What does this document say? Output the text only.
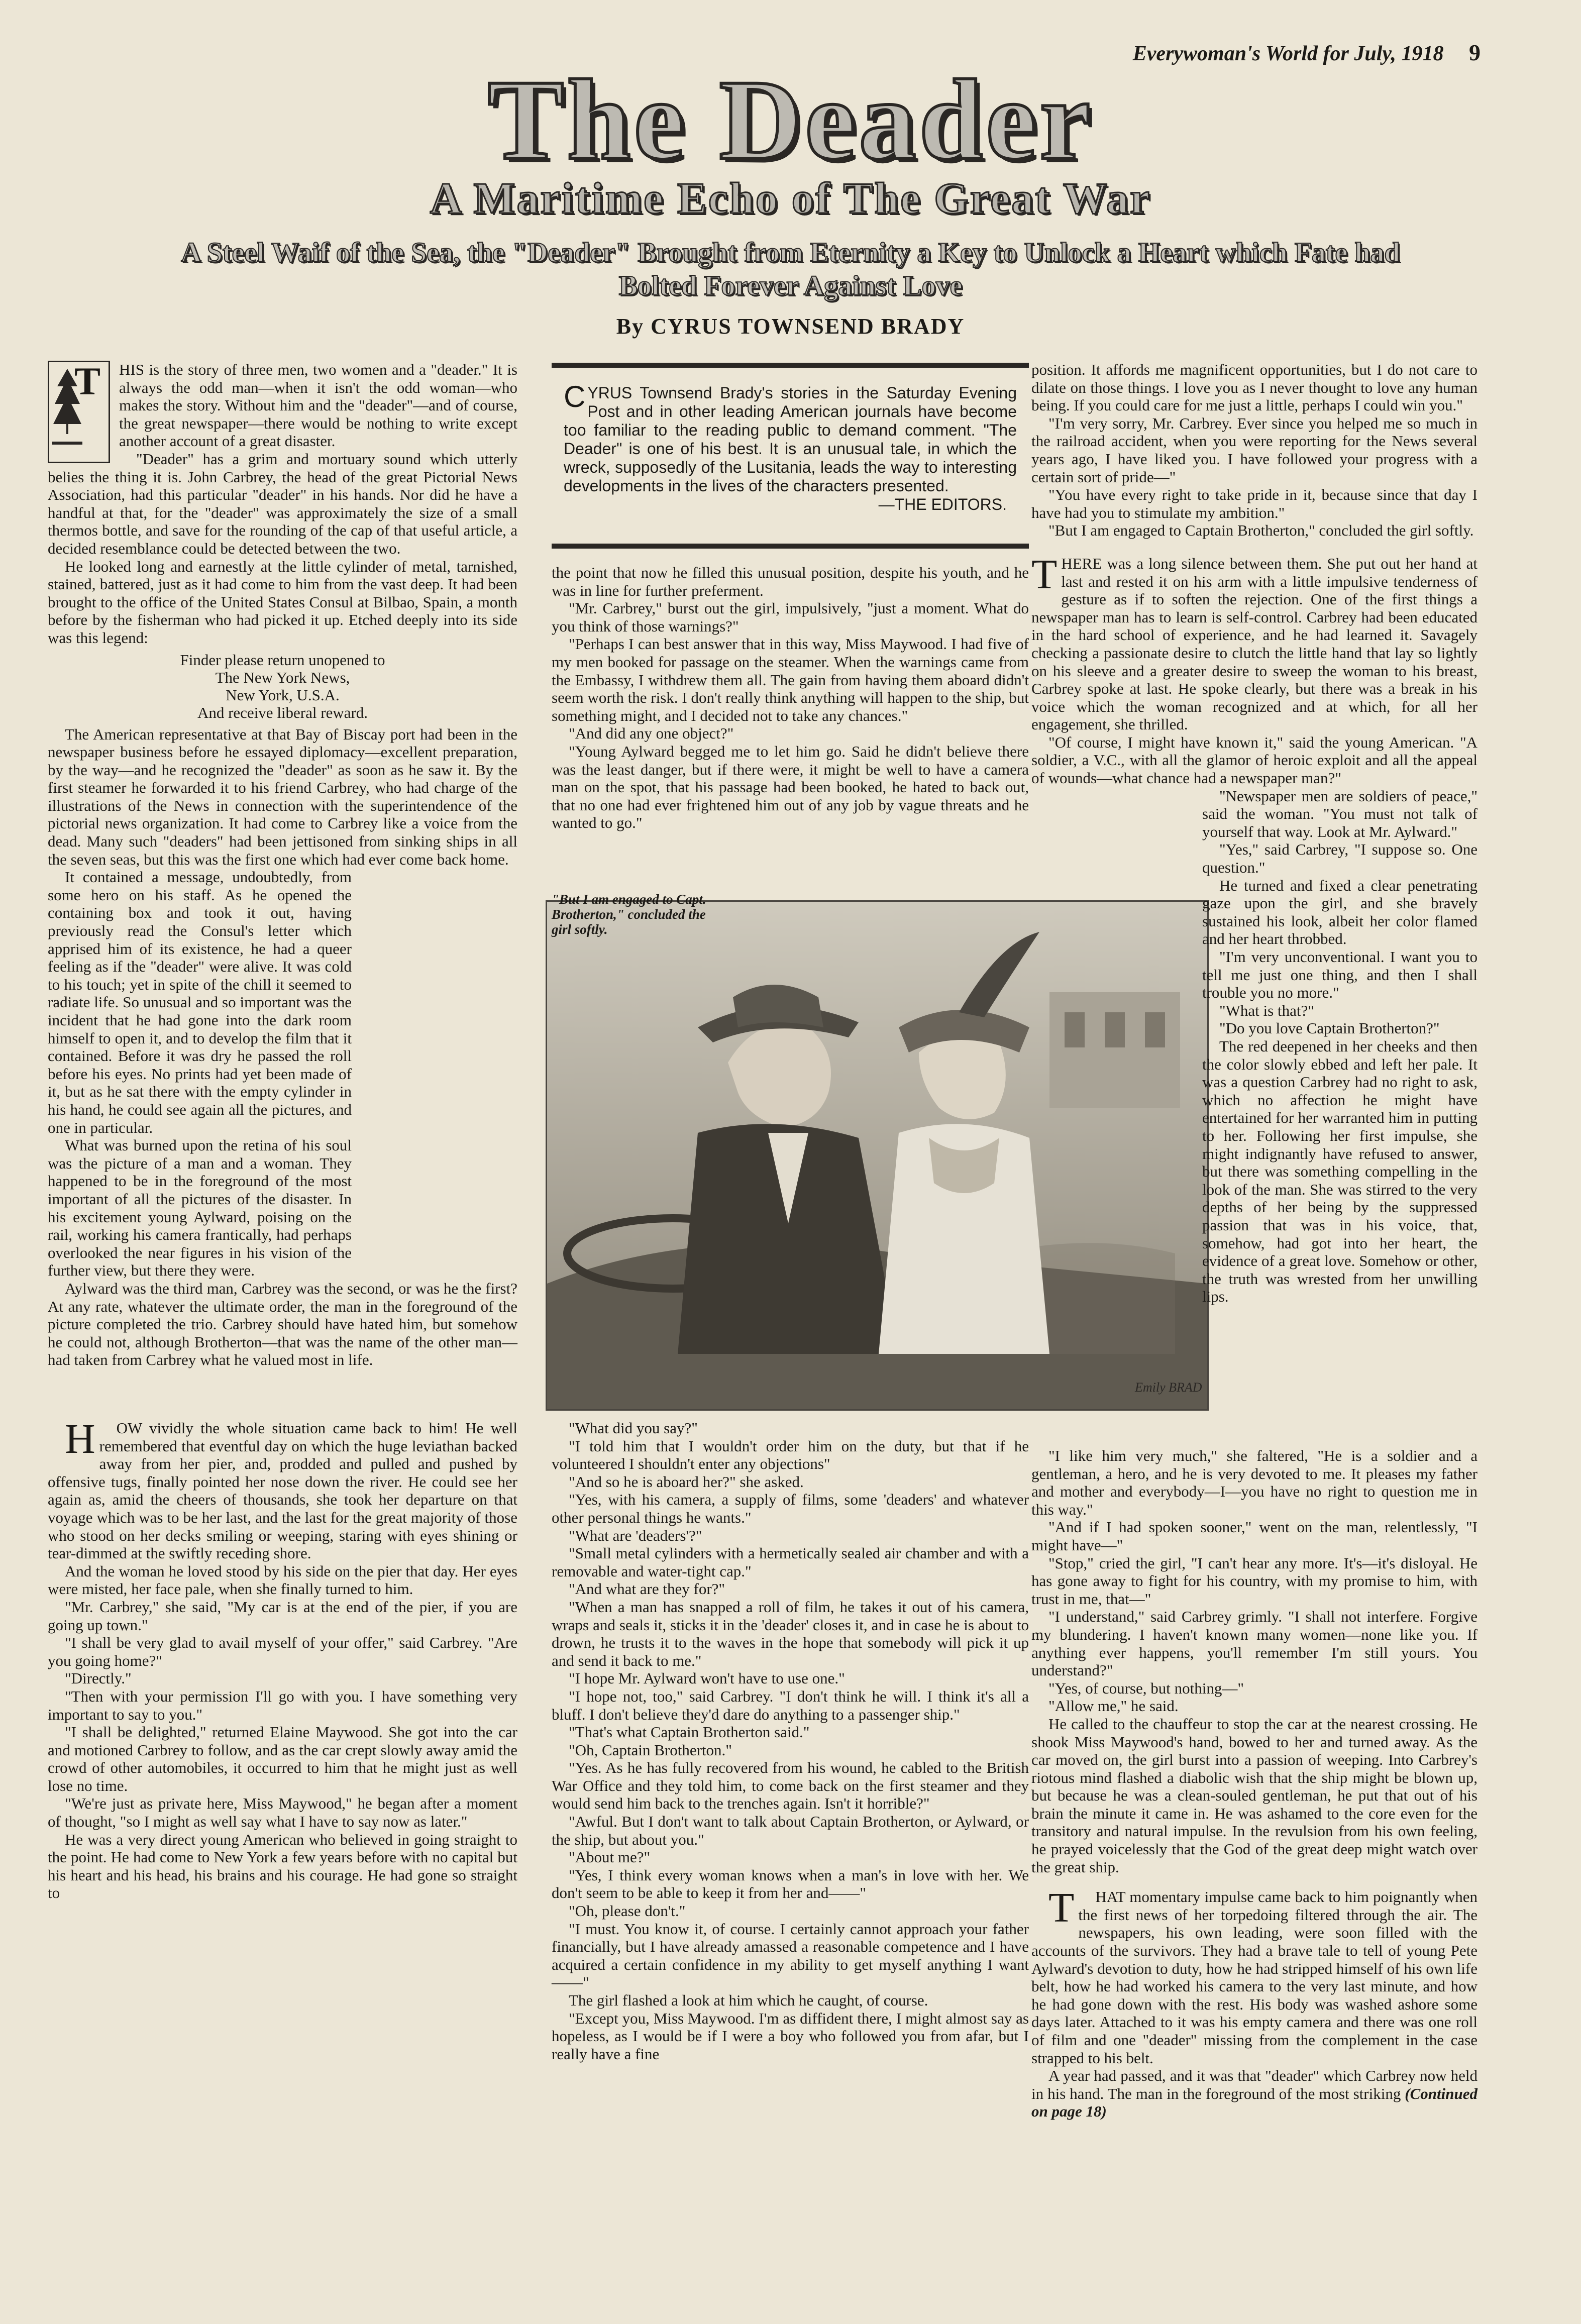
Everywoman's World for July, 1918 9
The Deader
A Maritime Echo of The Great War
A Steel Waif of the Sea, the "Deader" Brought from Eternity a Key to Unlock a Heart which Fate had Bolted Forever Against Love
By CYRUS TOWNSEND BRADY
T	HIS is the story of three men, two women and a "deader." It is always the odd man—when it isn't the odd woman—who makes the story. Without him and the "deader"—and of course, the great newspaper—there would be nothing to write except another account of a great disaster.

"Deader" has a grim and mortuary sound which utterly belies the thing it is. John Carbrey, the head of the great Pictorial News Association, had this particular "deader" in his hands. Nor did he have a handful at that, for the "deader" was approximately the size of a small thermos bottle, and save for the rounding of the cap of that useful article, a decided resemblance could be detected between the two.

He looked long and earnestly at the little cylinder of metal, tarnished, stained, battered, just as it had come to him from the vast deep. It had been brought to the office of the United States Consul at Bilbao, Spain, a month before by the fisherman who had picked it up. Etched deeply into its side was this legend:

Finder please return unopened to
The New York News,
New York, U.S.A.
And receive liberal reward.

The American representative at that Bay of Biscay port had been in the newspaper business before he essayed diplomacy—excellent preparation, by the way—and he recognized the "deader" as soon as he saw it. By the first steamer he forwarded it to his friend Carbrey, who had charge of the illustrations of the News in connection with the superintendence of the pictorial news organization. It had come to Carbrey like a voice from the dead. Many such "deaders" had been jettisoned from sinking ships in all the seven seas, but this was the first one which had ever come back home.

It contained a message, undoubtedly, from some hero on his staff. As he opened the containing box and took it out, having previously read the Consul's letter which apprised him of its existence, he had a queer feeling as if the "deader" were alive. It was cold to his touch; yet in spite of the chill it seemed to radiate life. So unusual and so important was the incident that he had gone into the dark room himself to open it, and to develop the film that it contained. Before it was dry he passed the roll before his eyes. No prints had yet been made of it, but as he sat there with the empty cylinder in his hand, he could see again all the pictures, and one in particular.

What was burned upon the retina of his soul was the picture of a man and a woman. They happened to be in the foreground of the most important of all the pictures of the disaster. In his excitement young Aylward, poising on the rail, working his camera frantically, had perhaps overlooked the near figures in his vision of the further view, but there they were.

Aylward was the third man, Carbrey was the second, or was he the first? At any rate, whatever the ultimate order, the man in the foreground of the picture completed the trio. Carbrey should have hated him, but somehow he could not, although Brotherton—that was the name of the other man—had taken from Carbrey what he valued most in life.

H OW vividly the whole situation came back to him! He well remembered that eventful day on which the huge leviathan backed away from her pier, and, prodded and pulled and pushed by offensive tugs, finally pointed her nose down the river. He could see her again as, amid the cheers of thousands, she took her departure on that voyage which was to be her last, and the last for the great majority of those who stood on her decks smiling or weeping, staring with eyes shining or tear-dimmed at the swiftly receding shore.

And the woman he loved stood by his side on the pier that day. Her eyes were misted, her face pale, when she finally turned to him.

"Mr. Carbrey," she said, "My car is at the end of the pier, if you are going up town."

"I shall be very glad to avail myself of your offer," said Carbrey. "Are you going home?"

"Directly."

"Then with your permission I'll go with you. I have something very important to say to you."

"I shall be delighted," returned Elaine Maywood. She got into the car and motioned Carbrey to follow, and as the car crept slowly away amid the crowd of other automobiles, it occurred to him that he might just as well lose no time.

"We're just as private here, Miss Maywood," he began after a moment of thought, "so I might as well say what I have to say now as later."

He was a very direct young American who believed in going straight to the point. He had come to New York a few years before with no capital but his heart and his head, his brains and his courage. He had gone so straight to

CYRUS Townsend Brady's stories in the Saturday Evening Post and in other leading American journals have become too familiar to the reading public to demand comment. "The Deader" is one of his best. It is an unusual tale, in which the wreck, supposedly of the Lusitania, leads the way to interesting developments in the lives of the characters presented.
—THE EDITORS.

the point that now he filled this unusual position, despite his youth, and he was in line for further preferment.

"Mr. Carbrey," burst out the girl, impulsively, "just a moment. What do you think of those warnings?"

"Perhaps I can best answer that in this way, Miss Maywood. I had five of my men booked for passage on the steamer. When the warnings came from the Embassy, I withdrew them all. The gain from having them aboard didn't seem worth the risk. I don't really think anything will happen to the ship, but something might, and I decided not to take any chances."

"And did any one object?"

"Young Aylward begged me to let him go. Said he didn't believe there was the least danger, but if there were, it might be well to have a camera man on the spot, that his passage had been booked, he hated to back out, that no one had ever frightened him out of any job by vague threats and he wanted to go."

Emily BRAD
"But I am engaged to Capt. Brotherton," concluded the girl softly.

"What did you say?"

"I told him that I wouldn't order him on the duty, but that if he volunteered I shouldn't enter any objections"

"And so he is aboard her?" she asked.

"Yes, with his camera, a supply of films, some 'deaders' and whatever other personal things he wants."

"What are 'deaders'?"

"Small metal cylinders with a hermetically sealed air chamber and with a removable and water-tight cap."

"And what are they for?"

"When a man has snapped a roll of film, he takes it out of his camera, wraps and seals it, sticks it in the 'deader' closes it, and in case he is about to drown, he trusts it to the waves in the hope that somebody will pick it up and send it back to me."

"I hope Mr. Aylward won't have to use one."

"I hope not, too," said Carbrey. "I don't think he will. I think it's all a bluff. I don't believe they'd dare do anything to a passenger ship."

"That's what Captain Brotherton said."

"Oh, Captain Brotherton."

"Yes. As he has fully recovered from his wound, he cabled to the British War Office and they told him, to come back on the first steamer and they would send him back to the trenches again. Isn't it horrible?"

"Awful. But I don't want to talk about Captain Brotherton, or Aylward, or the ship, but about you."

"About me?"

"Yes, I think every woman knows when a man's in love with her. We don't seem to be able to keep it from her and——"

"Oh, please don't."

"I must. You know it, of course. I certainly cannot approach your father financially, but I have already amassed a reasonable competence and I have acquired a certain confidence in my ability to get myself anything I want——"

The girl flashed a look at him which he caught, of course.

"Except you, Miss Maywood. I'm as diffident there, I might almost say as hopeless, as I would be if I were a boy who followed you from afar, but I really have a fine

position. It affords me magnificent opportunities, but I do not care to dilate on those things. I love you as I never thought to love any human being. If you could care for me just a little, perhaps I could win you."

"I'm very sorry, Mr. Carbrey. Ever since you helped me so much in the railroad accident, when you were reporting for the News several years ago, I have liked you. I have followed your progress with a certain sort of pride—"

"You have every right to take pride in it, because since that day I have had you to stimulate my ambition."

"But I am engaged to Captain Brotherton," concluded the girl softly.

THERE was a long silence between them. She put out her hand at last and rested it on his arm with a little impulsive tenderness of gesture as if to soften the rejection. One of the first things a newspaper man has to learn is self-control. Carbrey had been educated in the hard school of experience, and he had learned it. Savagely checking a passionate desire to clutch the little hand that lay so lightly on his sleeve and a greater desire to sweep the woman to his breast, Carbrey spoke at last. He spoke clearly, but there was a break in his voice which the woman recognized and at which, for all her engagement, she thrilled.

"Of course, I might have known it," said the young American. "A soldier, a V.C., with all the glamor of heroic exploit and all the appeal of wounds—what chance had a newspaper man?"

"Newspaper men are soldiers of peace," said the woman. "You must not talk of yourself that way. Look at Mr. Aylward."

"Yes," said Carbrey, "I suppose so. One question."

He turned and fixed a clear penetrating gaze upon the girl, and she bravely sustained his look, albeit her color flamed and her heart throbbed.

"I'm very unconventional. I want you to tell me just one thing, and then I shall trouble you no more."

"What is that?"

"Do you love Captain Brotherton?"

The red deepened in her cheeks and then the color slowly ebbed and left her pale. It was a question Carbrey had no right to ask, which no affection he might have entertained for her warranted him in putting to her. Following her first impulse, she might indignantly have refused to answer, but there was something compelling in the look of the man. She was stirred to the very depths of her being by the suppressed passion that was in his voice, that, somehow, had got into her heart, the evidence of a great love. Somehow or other, the truth was wrested from her unwilling lips.

"I like him very much," she faltered, "He is a soldier and a gentleman, a hero, and he is very devoted to me. It pleases my father and mother and everybody—I—you have no right to question me in this way."

"And if I had spoken sooner," went on the man, relentlessly, "I might have—"

"Stop," cried the girl, "I can't hear any more. It's—it's disloyal. He has gone away to fight for his country, with my promise to him, with trust in me, that—"

"I understand," said Carbrey grimly. "I shall not interfere. Forgive my blundering. I haven't known many women—none like you. If anything ever happens, you'll remember I'm still yours. You understand?"

"Yes, of course, but nothing—"

"Allow me," he said.

He called to the chauffeur to stop the car at the nearest crossing. He shook Miss Maywood's hand, bowed to her and turned away. As the car moved on, the girl burst into a passion of weeping. Into Carbrey's riotous mind flashed a diabolic wish that the ship might be blown up, but because he was a clean-souled gentleman, he put that out of his brain the minute it came in. He was ashamed to the core even for the transitory and natural impulse. In the revulsion from his own feeling, he prayed voicelessly that the God of the great deep might watch over the great ship.

T HAT momentary impulse came back to him poignantly when the first news of her torpedoing filtered through the air. The newspapers, his own leading, were soon filled with the accounts of the survivors. They had a brave tale to tell of young Pete Aylward's devotion to duty, how he had stripped himself of his own life belt, how he had worked his camera to the very last minute, and how he had gone down with the rest. His body was washed ashore some days later. Attached to it was his empty camera and there was one roll of film and one "deader" missing from the complement in the case strapped to his belt.

A year had passed, and it was that "deader" which Carbrey now held in his hand. The man in the foreground of the most striking (Continued on page 18)
